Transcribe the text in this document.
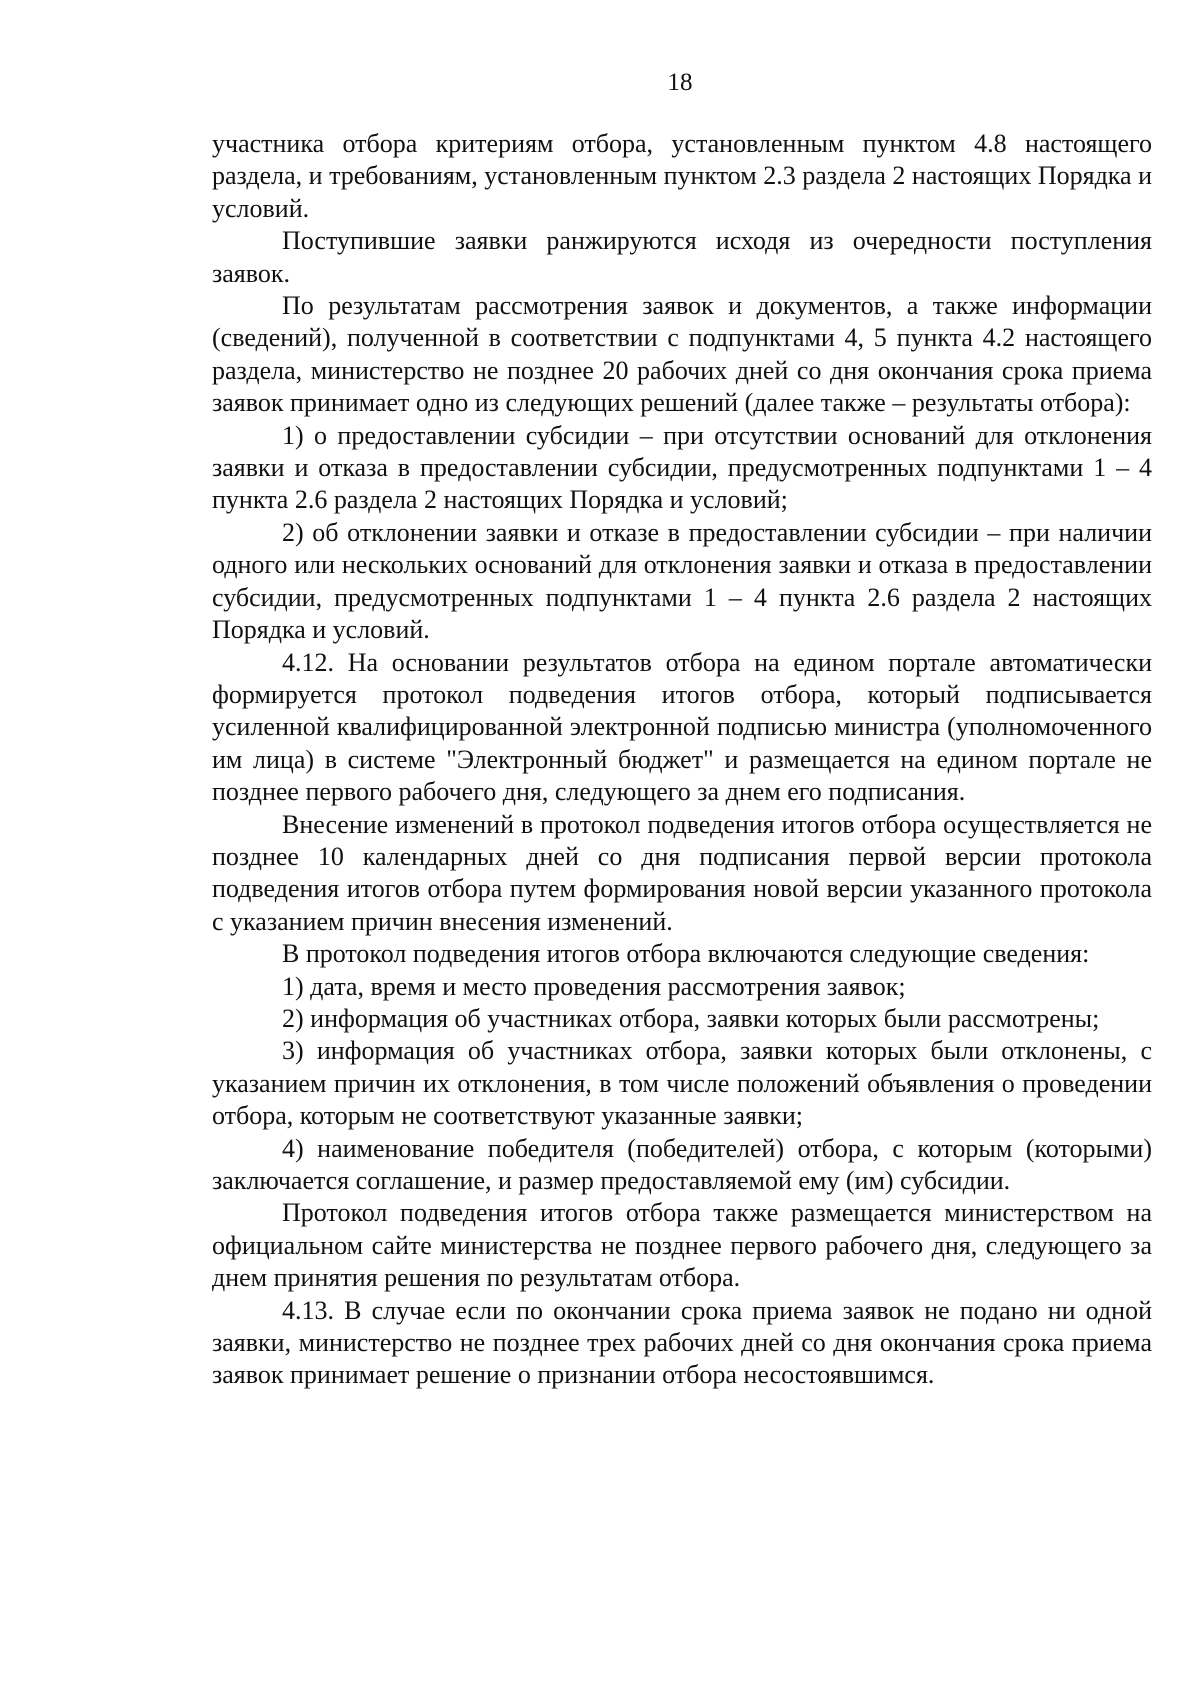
18

участника отбора критериям отбора, установленным пунктом 4.8 настоящего раздела, и требованиям, установленным пунктом 2.3 раздела 2 настоящих Порядка и условий.

Поступившие заявки ранжируются исходя из очередности поступления заявок.

По результатам рассмотрения заявок и документов, а также информации (сведений), полученной в соответствии с подпунктами 4, 5 пункта 4.2 настоящего раздела, министерство не позднее 20 рабочих дней со дня окончания срока приема заявок принимает одно из следующих решений (далее также – результаты отбора):

1) о предоставлении субсидии – при отсутствии оснований для отклонения заявки и отказа в предоставлении субсидии, предусмотренных подпунктами 1 – 4 пункта 2.6 раздела 2 настоящих Порядка и условий;

2) об отклонении заявки и отказе в предоставлении субсидии – при наличии одного или нескольких оснований для отклонения заявки и отказа в предоставлении субсидии, предусмотренных подпунктами 1 – 4 пункта 2.6 раздела 2 настоящих Порядка и условий.

4.12. На основании результатов отбора на едином портале автоматически формируется протокол подведения итогов отбора, который подписывается усиленной квалифицированной электронной подписью министра (уполномоченного им лица) в системе "Электронный бюджет" и размещается на едином портале не позднее первого рабочего дня, следующего за днем его подписания.

Внесение изменений в протокол подведения итогов отбора осуществляется не позднее 10 календарных дней со дня подписания первой версии протокола подведения итогов отбора путем формирования новой версии указанного протокола с указанием причин внесения изменений.

В протокол подведения итогов отбора включаются следующие сведения:

1) дата, время и место проведения рассмотрения заявок;

2) информация об участниках отбора, заявки которых были рассмотрены;

3) информация об участниках отбора, заявки которых были отклонены, с указанием причин их отклонения, в том числе положений объявления о проведении отбора, которым не соответствуют указанные заявки;

4) наименование победителя (победителей) отбора, с которым (которыми) заключается соглашение, и размер предоставляемой ему (им) субсидии.

Протокол подведения итогов отбора также размещается министерством на официальном сайте министерства не позднее первого рабочего дня, следующего за днем принятия решения по результатам отбора.

4.13. В случае если по окончании срока приема заявок не подано ни одной заявки, министерство не позднее трех рабочих дней со дня окончания срока приема заявок принимает решение о признании отбора несостоявшимся.
